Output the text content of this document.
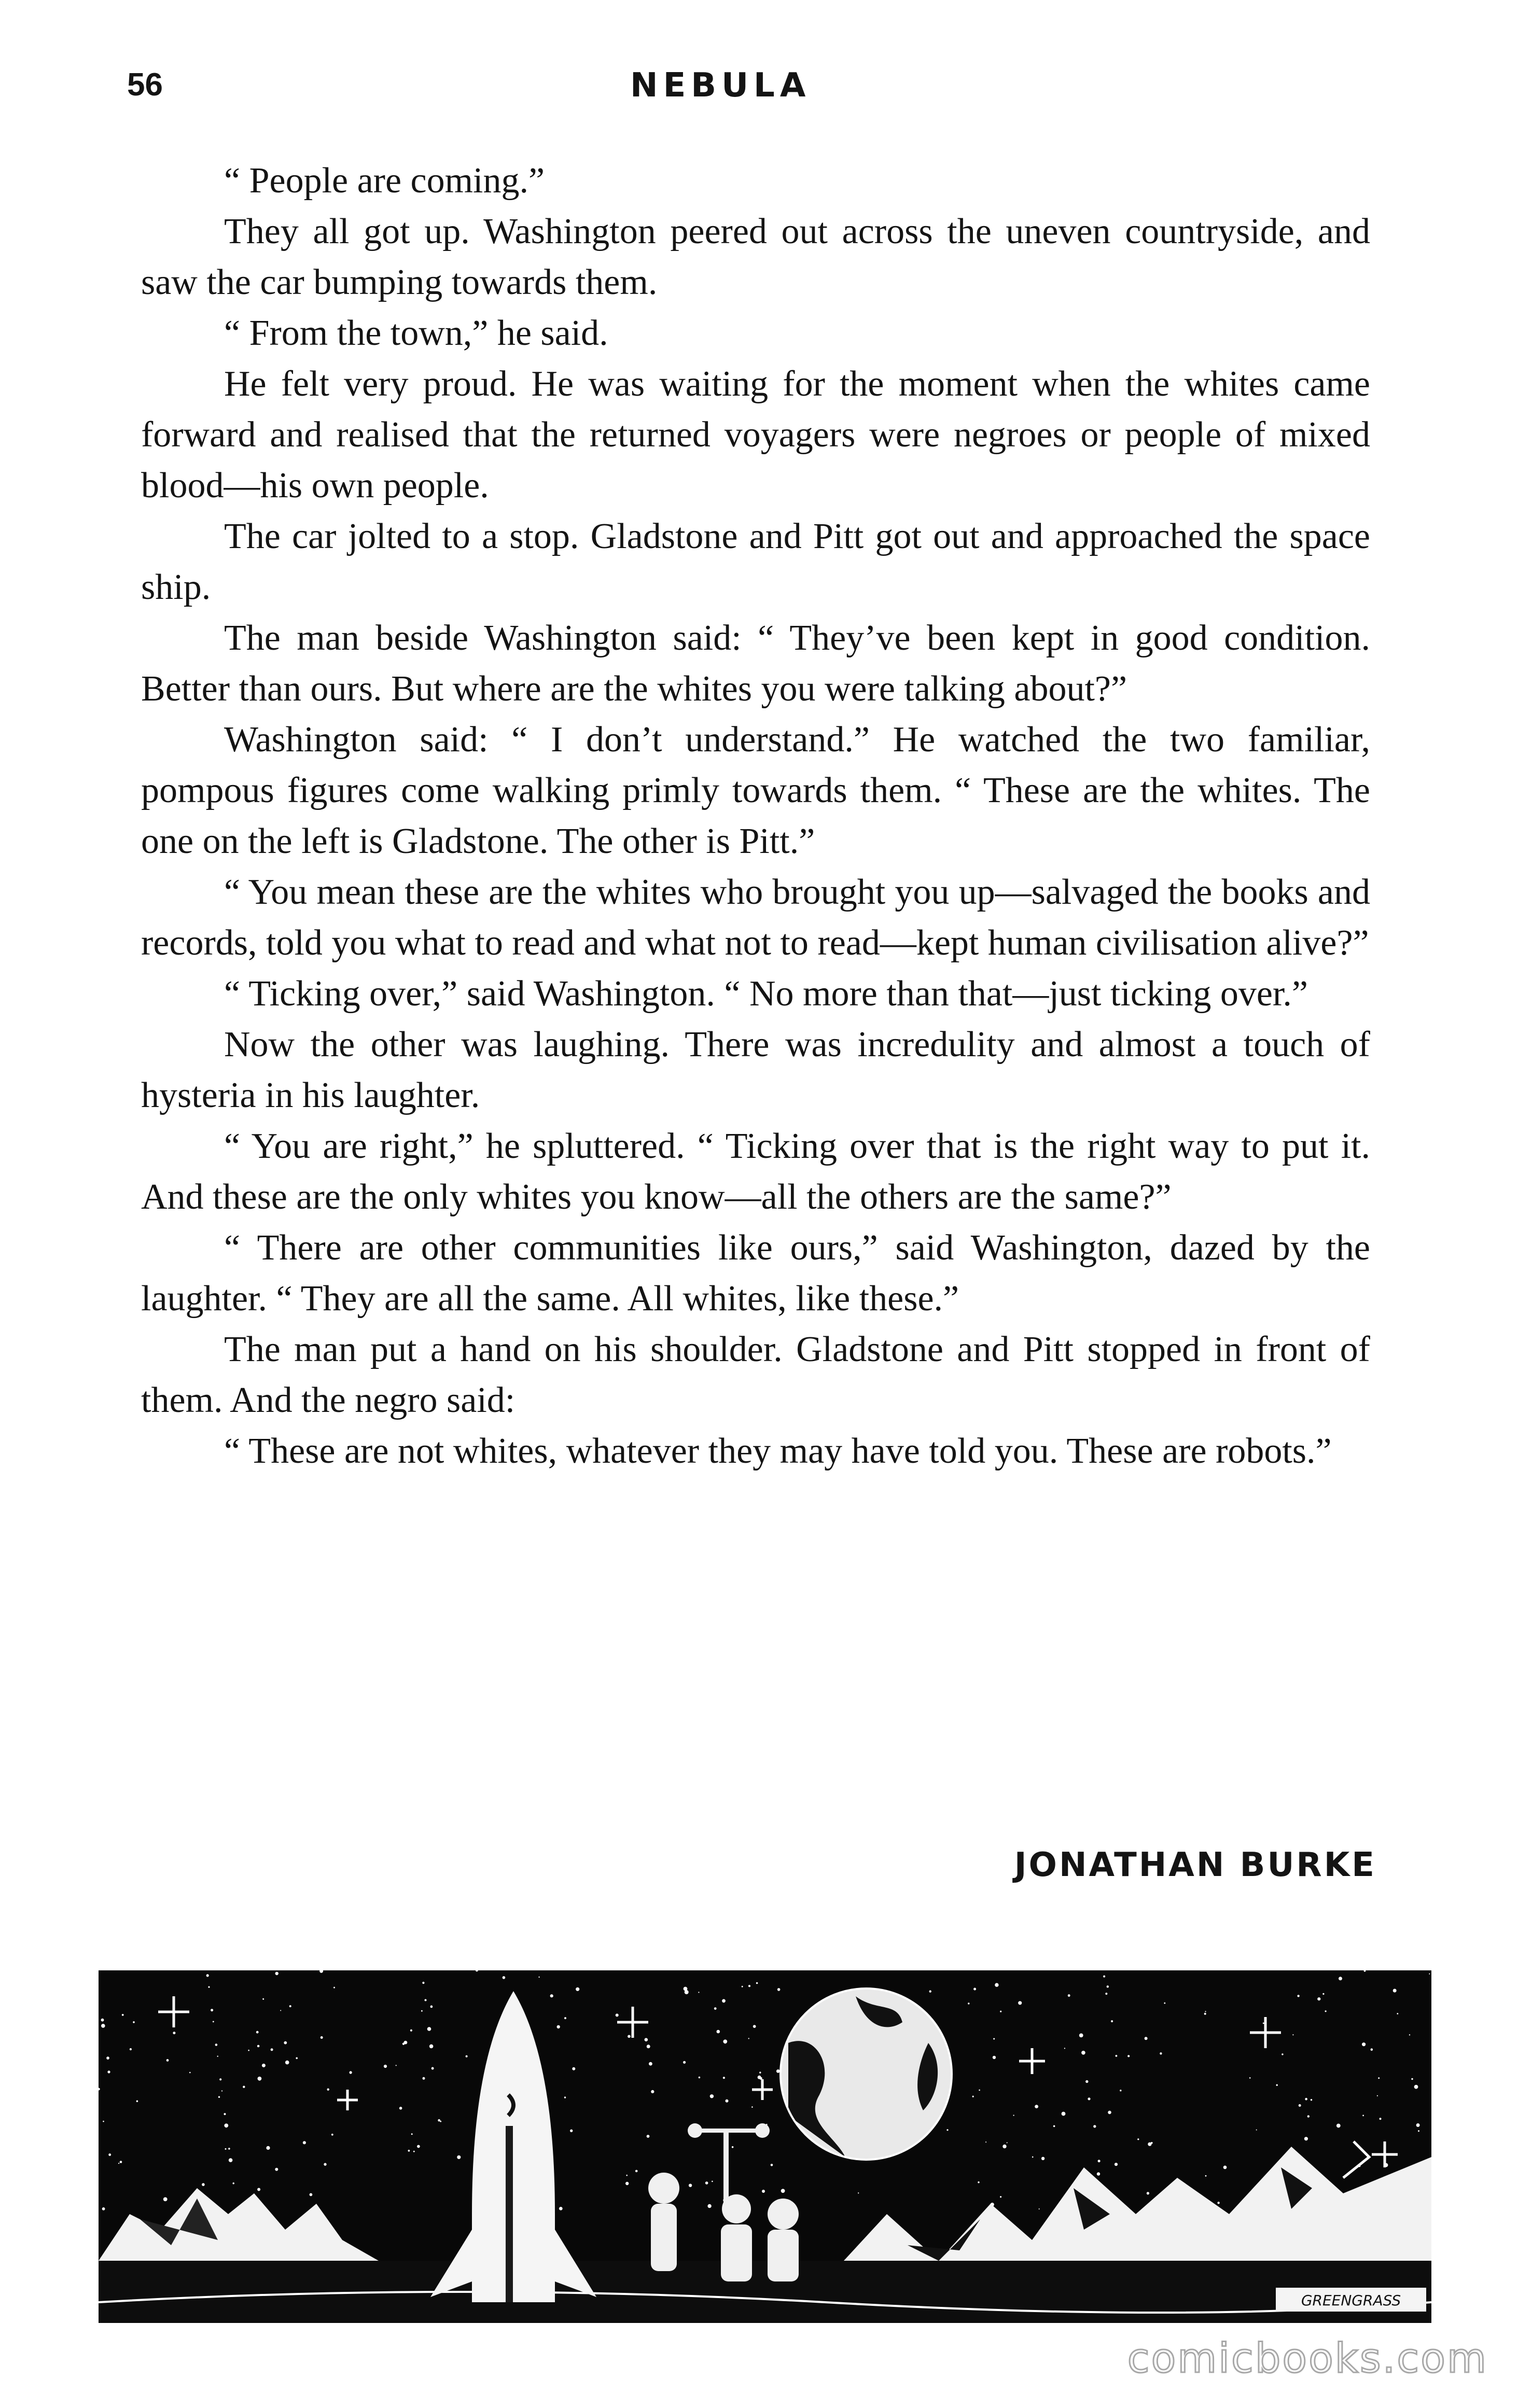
56	NEBULA

“ People are coming.”

They all got up. Washington peered out across the uneven countryside, and saw the car bumping towards them.

“ From the town,” he said.

He felt very proud. He was waiting for the moment when the whites came forward and realised that the returned voyagers were negroes or people of mixed blood—his own people.

The car jolted to a stop. Gladstone and Pitt got out and approached the space ship.

The man beside Washington said: “ They’ve been kept in good condition. Better than ours. But where are the whites you were talking about?”

Washington said: “ I don’t understand.” He watched the two familiar, pompous figures come walking primly towards them. “ These are the whites. The one on the left is Gladstone. The other is Pitt.”

“ You mean these are the whites who brought you up—salvaged the books and records, told you what to read and what not to read—kept human civilisation alive?”

“ Ticking over,” said Washington. “ No more than that—just ticking over.”

Now the other was laughing. There was incredulity and almost a touch of hysteria in his laughter.

“ You are right,” he spluttered. “ Ticking over that is the right way to put it. And these are the only whites you know—all the others are the same?”

“ There are other communities like ours,” said Washington, dazed by the laughter. “ They are all the same. All whites, like these.”

The man put a hand on his shoulder. Gladstone and Pitt stopped in front of them. And the negro said:

“ These are not whites, whatever they may have told you. These are robots.”

JONATHAN BURKE
GREENGRASS
comicbooks.com
